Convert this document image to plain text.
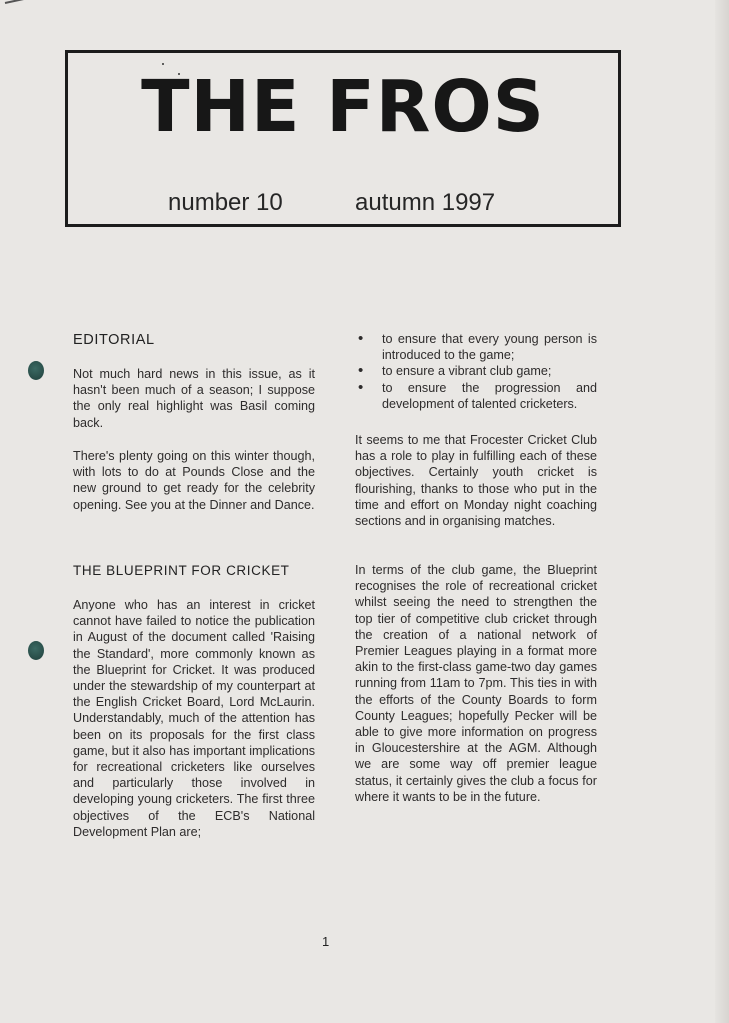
THE FROS
number 10	autumn 1997
EDITORIAL

Not much hard news in this issue, as it hasn't been much of a season; I suppose the only real highlight was Basil coming back.

There's plenty going on this winter though, with lots to do at Pounds Close and the new ground to get ready for the celebrity opening. See you at the Dinner and Dance.

THE BLUEPRINT FOR CRICKET

Anyone who has an interest in cricket cannot have failed to notice the publication in August of the document called 'Raising the Standard', more commonly known as the Blueprint for Cricket. It was produced under the stewardship of my counterpart at the English Cricket Board, Lord McLaurin. Understandably, much of the attention has been on its proposals for the first class game, but it also has important implications for recreational cricketers like ourselves and particularly those involved in developing young cricketers. The first three objectives of the ECB's National Development Plan are;

• to ensure that every young person is introduced to the game;
• to ensure a vibrant club game;
• to ensure the progression and development of talented cricketers.

It seems to me that Frocester Cricket Club has a role to play in fulfilling each of these objectives. Certainly youth cricket is flourishing, thanks to those who put in the time and effort on Monday night coaching sections and in organising matches.

In terms of the club game, the Blueprint recognises the role of recreational cricket whilst seeing the need to strengthen the top tier of competitive club cricket through the creation of a national network of Premier Leagues playing in a format more akin to the first-class game-two day games running from 11am to 7pm. This ties in with the efforts of the County Boards to form County Leagues; hopefully Pecker will be able to give more information on progress in Gloucestershire at the AGM. Although we are some way off premier league status, it certainly gives the club a focus for where it wants to be in the future.

1
